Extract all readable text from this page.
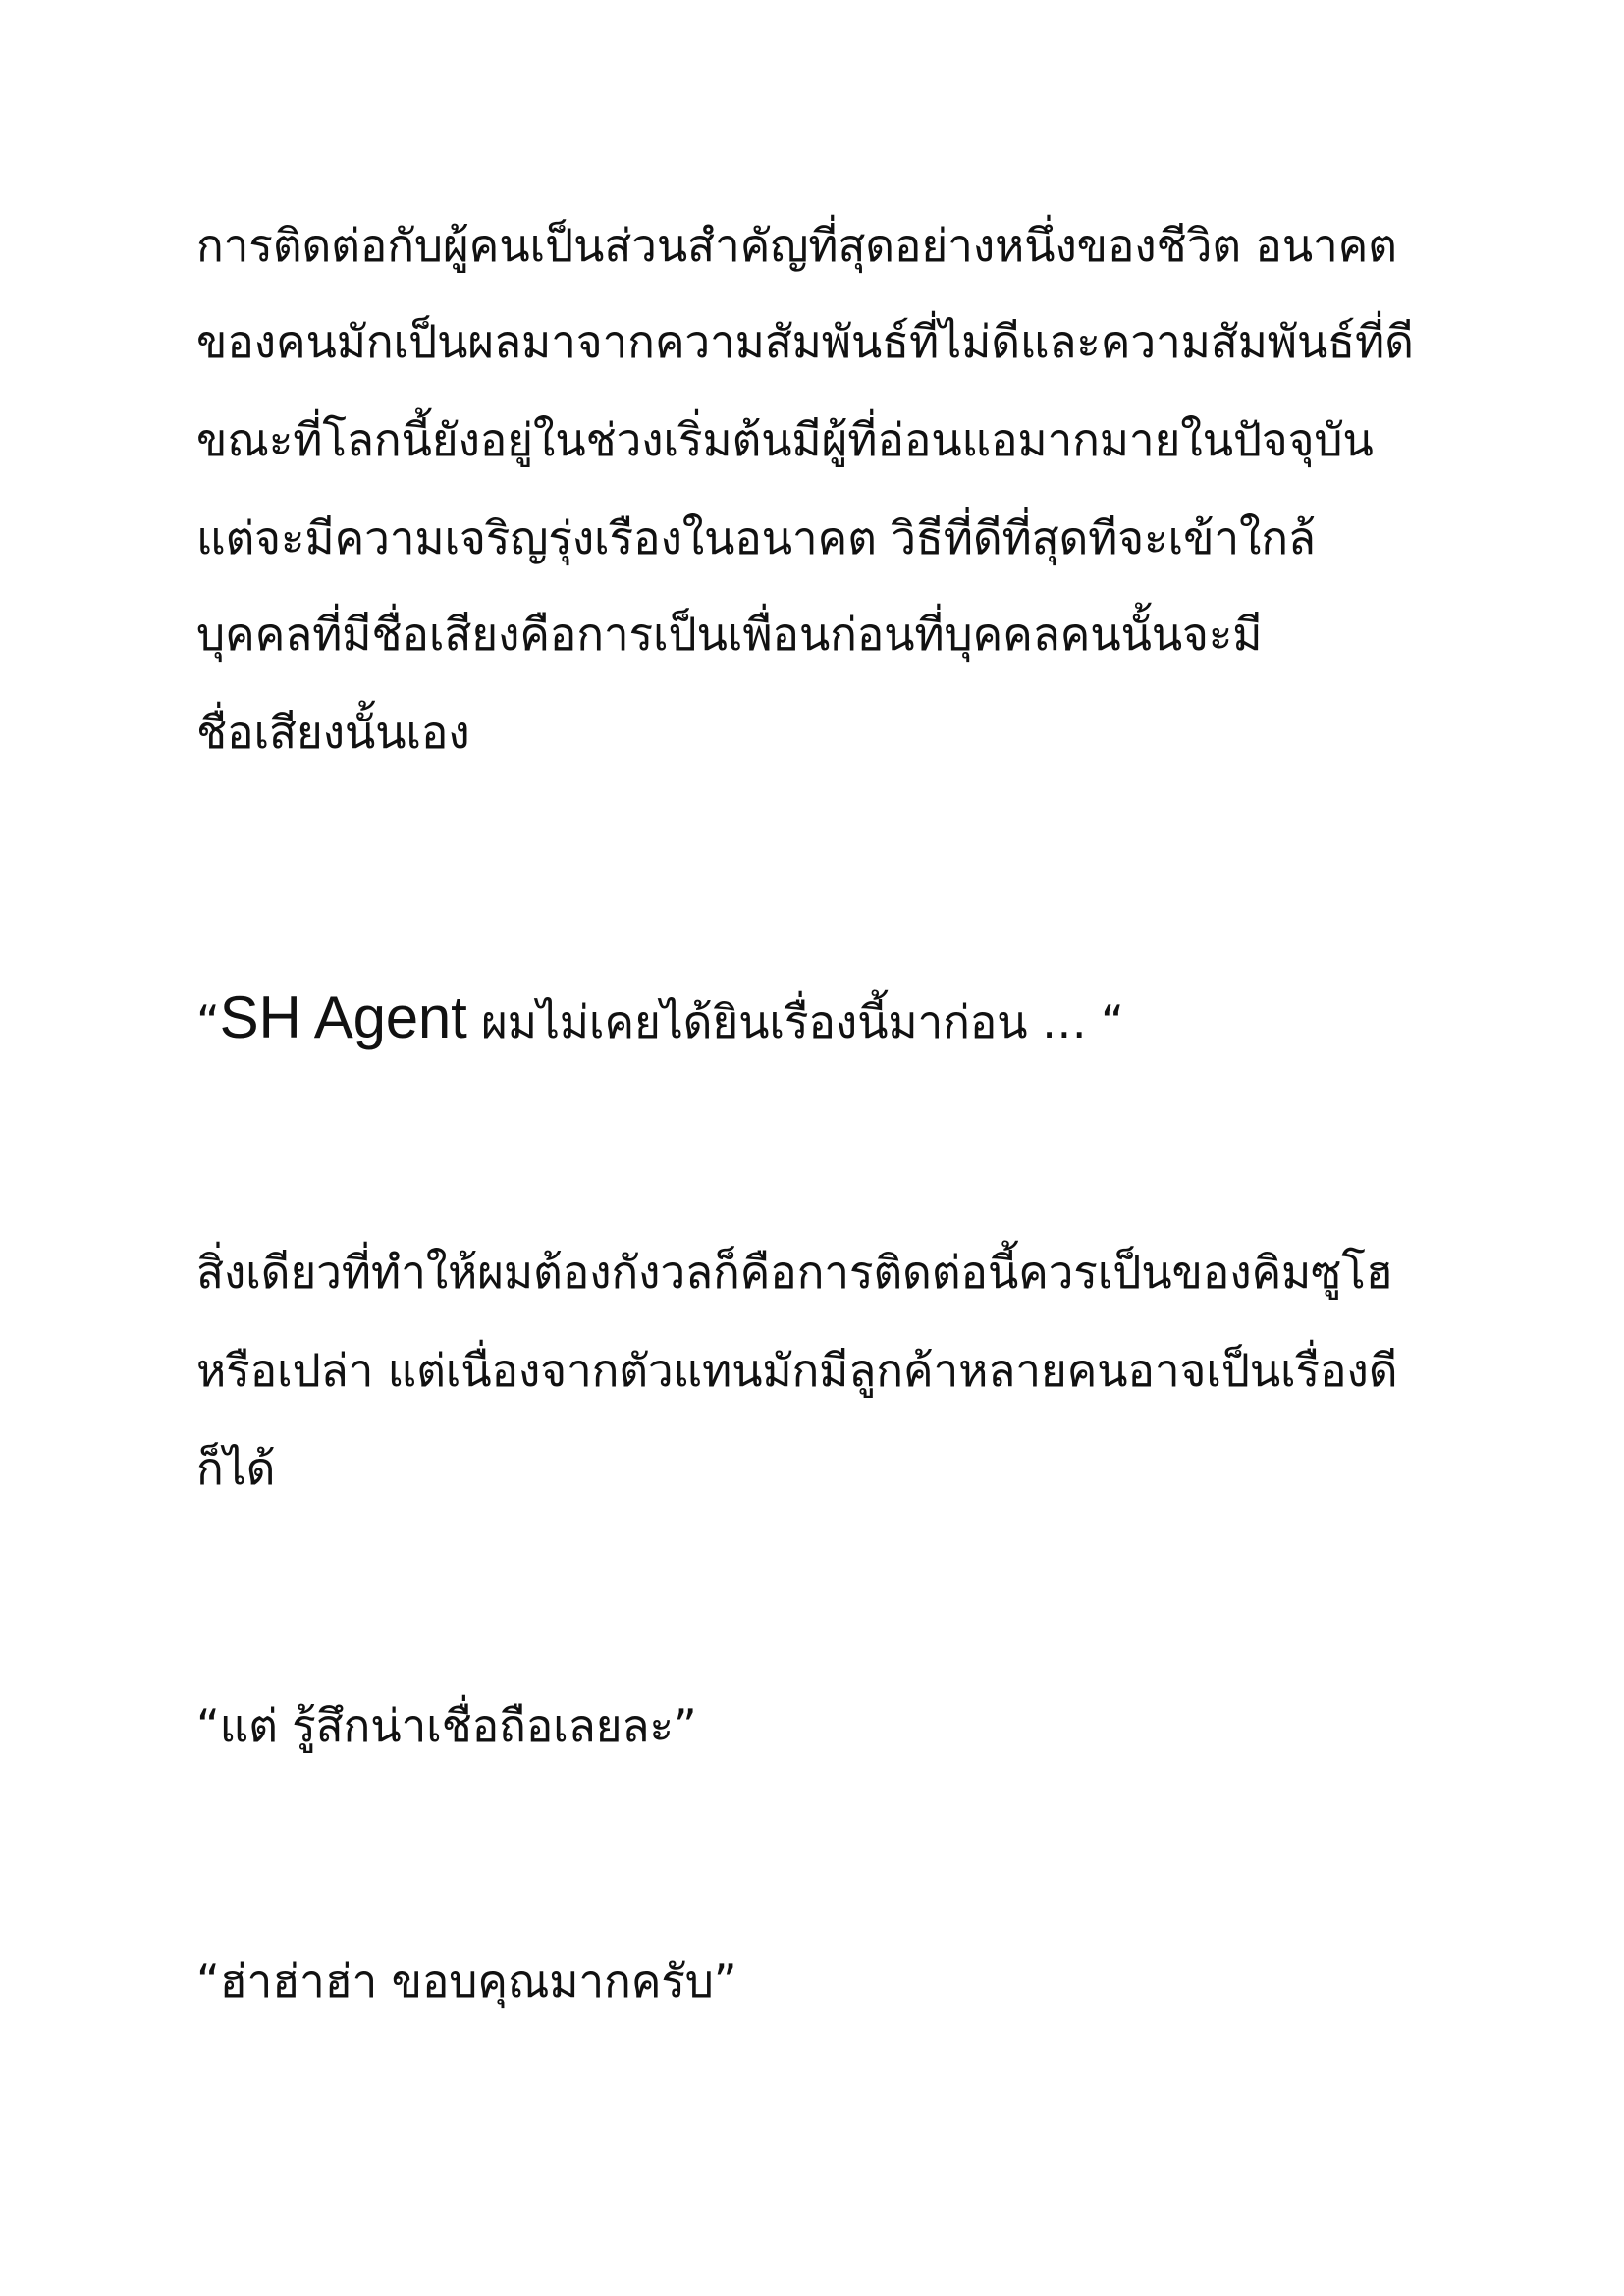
การติดต่อกับผู้คนเป็นส่วนสำคัญที่สุดอย่างหนึ่งของชีวิต อนาคต
ของคนมักเป็นผลมาจากความสัมพันธ์ที่ไม่ดีและความสัมพันธ์ที่ดี
ขณะที่โลกนี้ยังอยู่ในช่วงเริ่มต้นมีผู้ที่อ่อนแอมากมายในปัจจุบัน
แต่จะมีความเจริญรุ่งเรืองในอนาคต วิธีที่ดีที่สุดทีจะเข้าใกล้
บุคคลที่มีชื่อเสียงคือการเป็นเพื่อนก่อนที่บุคคลคนนั้นจะมี
ชื่อเสียงนั้นเอง
“SH Agent ผมไม่เคยได้ยินเรื่องนี้มาก่อน … “
สิ่งเดียวที่ทำให้ผมต้องกังวลก็คือการติดต่อนี้ควรเป็นของคิมซูโฮ
หรือเปล่า แต่เนื่องจากตัวแทนมักมีลูกค้าหลายคนอาจเป็นเรื่องดี
ก็ได้
“แต่ รู้สึกน่าเชื่อถือเลยละ”
“ฮ่าฮ่าฮ่า ขอบคุณมากครับ”
